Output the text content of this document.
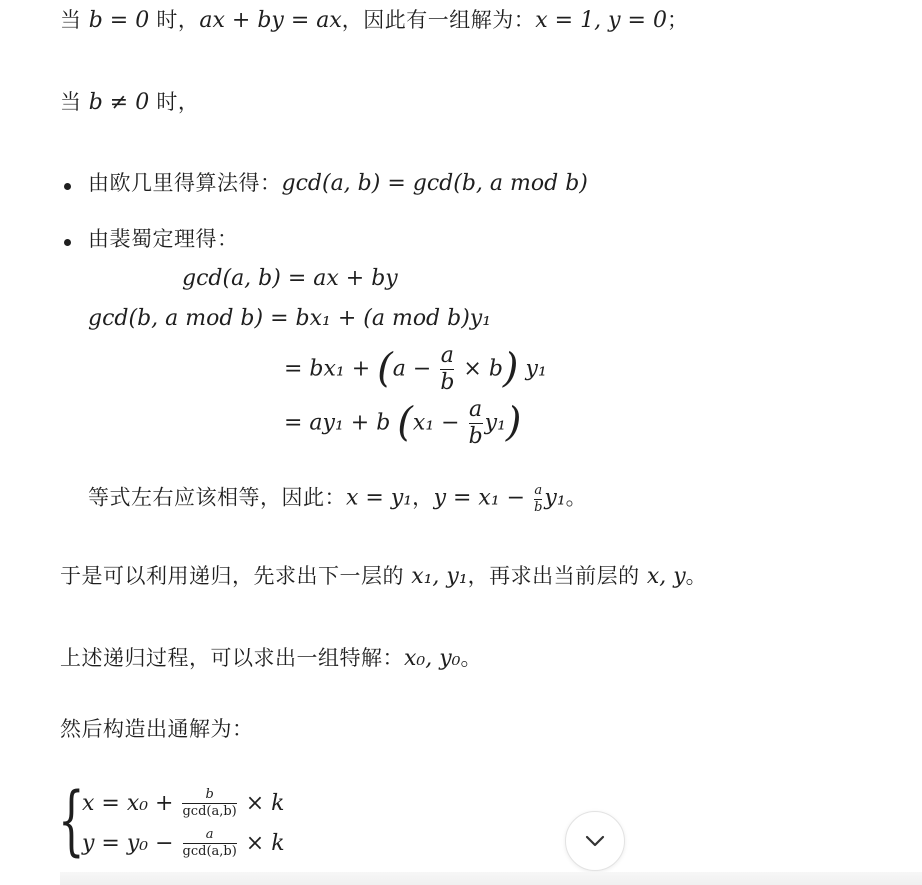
当 b = 0 时，ax + by = ax，因此有一组解为：x = 1, y = 0；
当 b ≠ 0 时，
由欧几里得算法得：gcd(a, b) = gcd(b, a mod b)
由裴蜀定理得：
gcd(a, b) = ax + by
gcd(b, a mod b) = bx₁ + (a mod b)y₁
= $bx_1 + (a - \frac{a}{b} \times b)$ y₁
= ay₁ + b $(x_1 - \frac{a}{b} y_1)$
等式左右应该相等，因此：x = y₁，$y = x_1 - \frac{a}{b} y_1$。
于是可以利用递归，先求出下一层的 x₁, y₁，再求出当前层的 x, y。
上述递归过程，可以求出一组特解：x₀, y₀。
然后构造出通解为：
{
$x = x_0 + \frac{b}{\gcd(a,b)} \times k$
$y = y_0 - \frac{a}{\gcd(a,b)} \times k$
